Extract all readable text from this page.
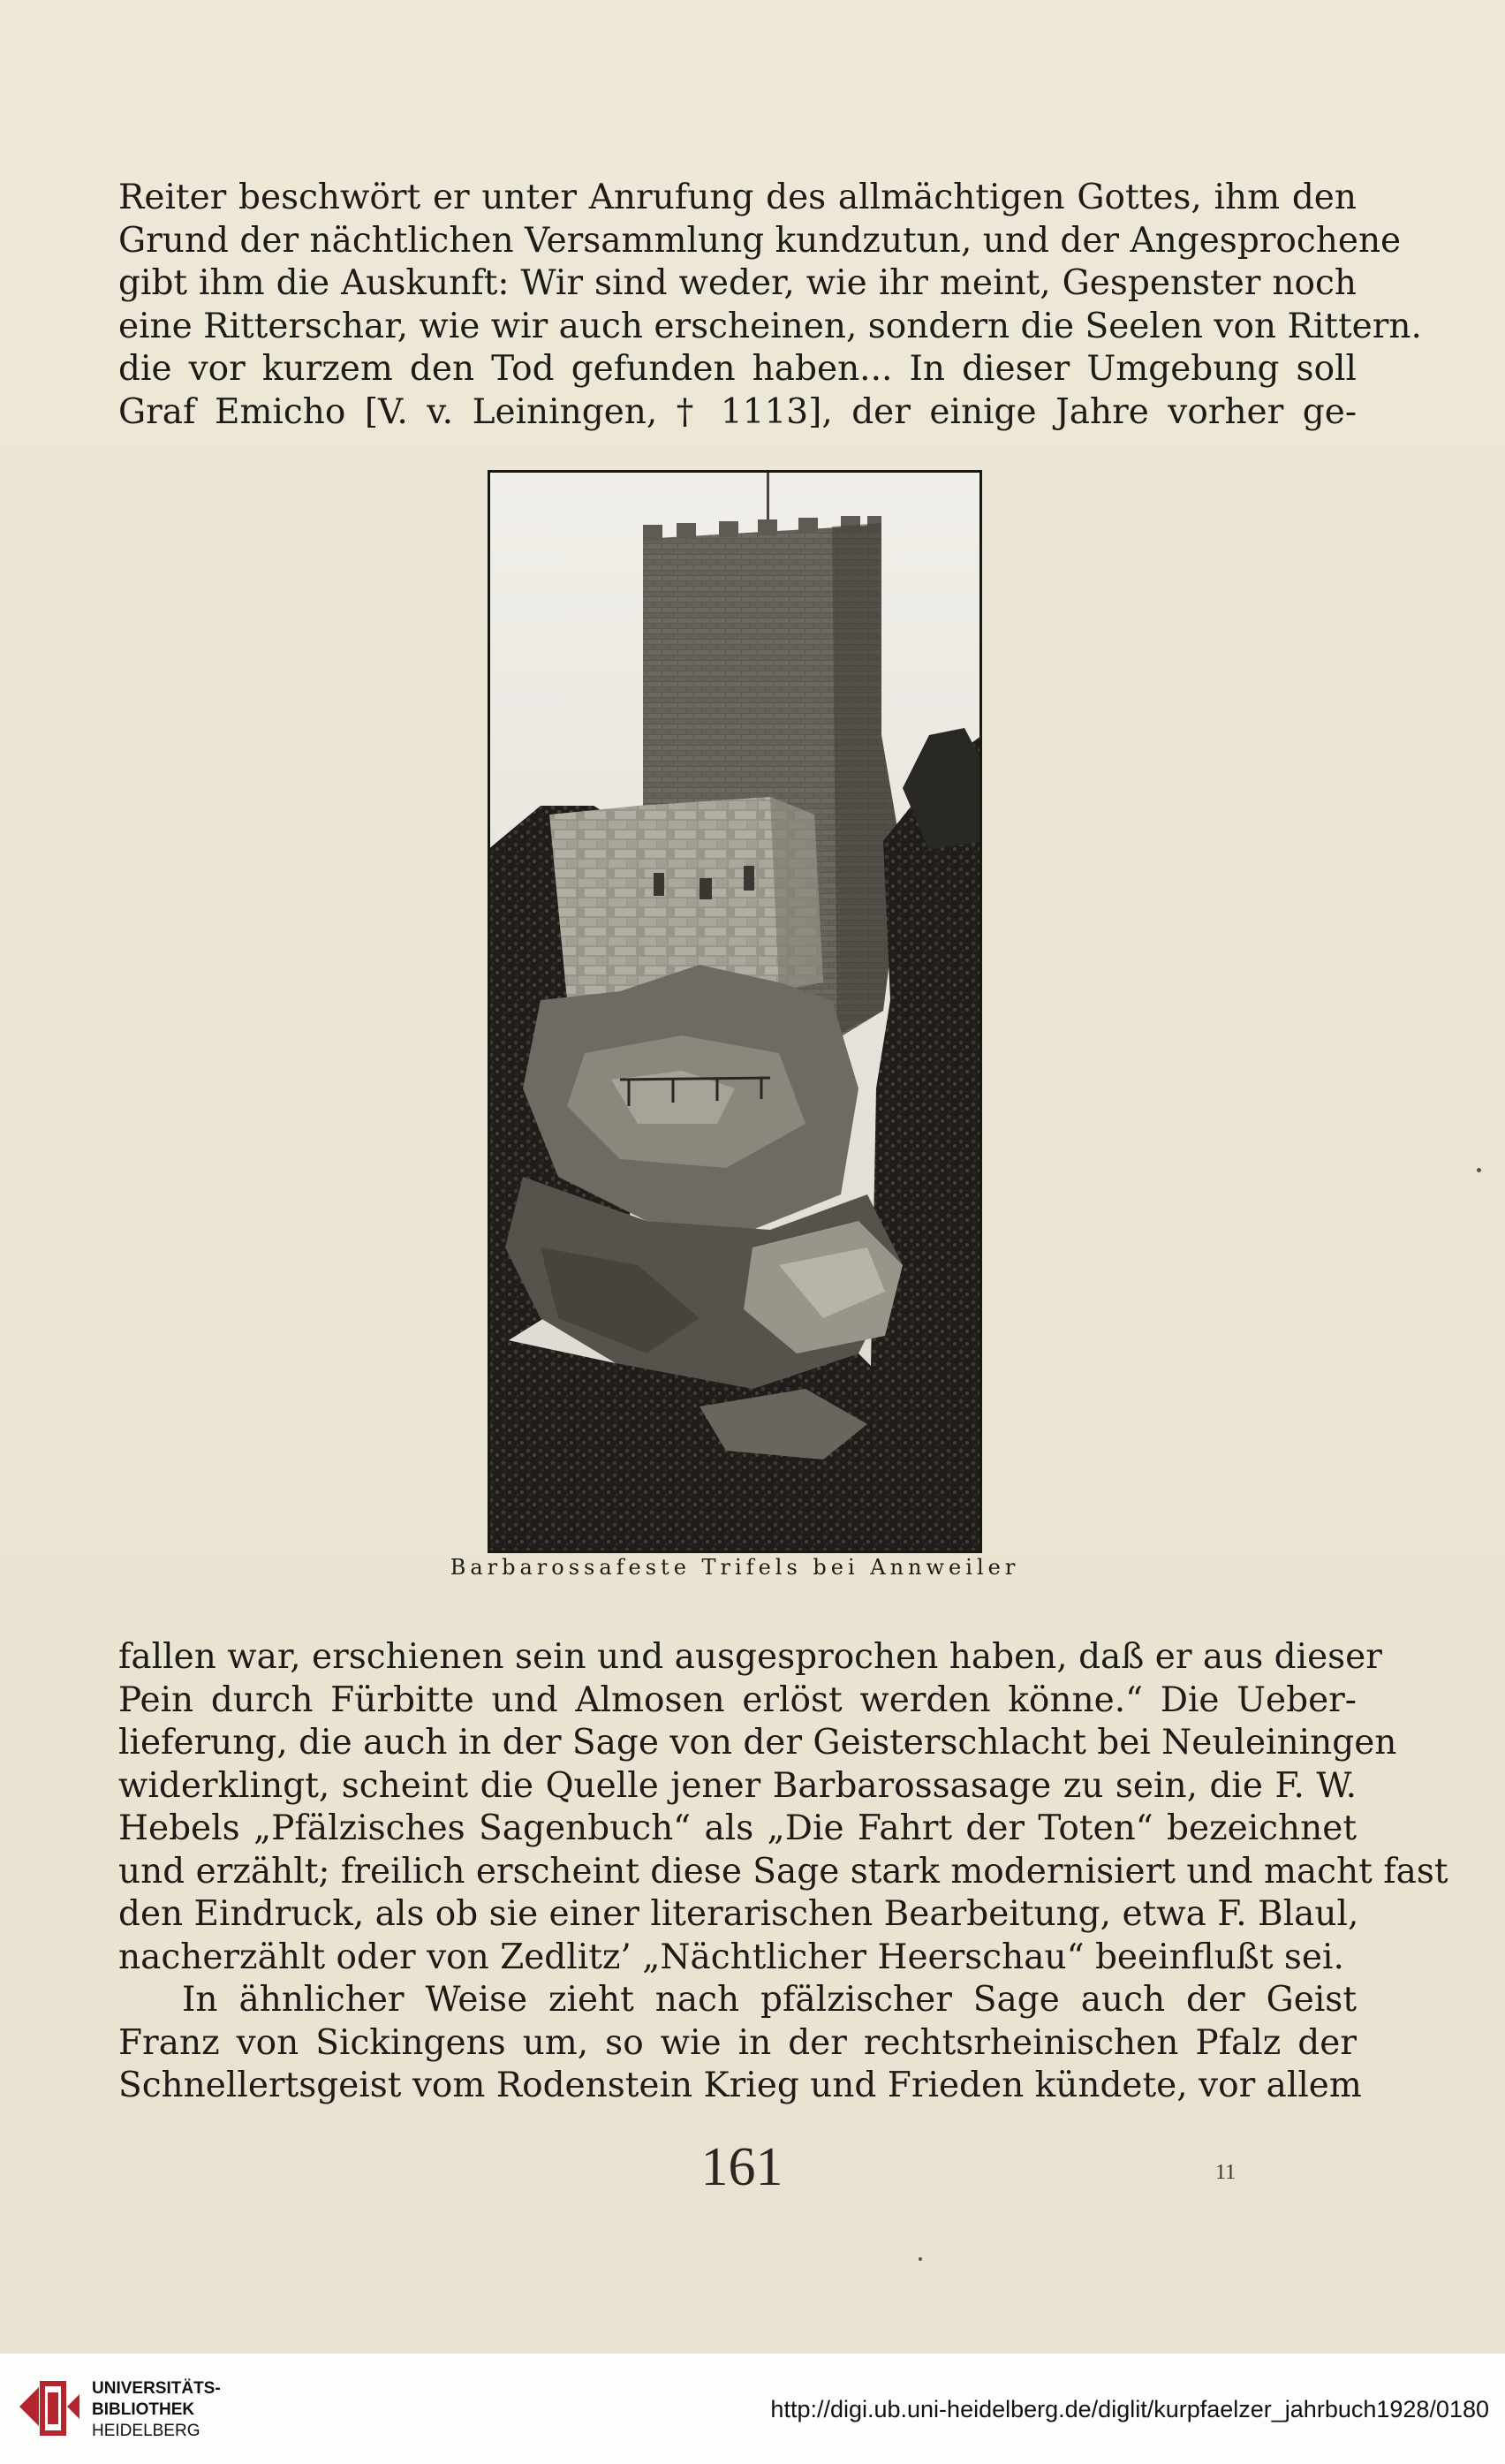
Reiter beschwört er unter Anrufung des allmächtigen Gottes, ihm den
Grund der nächtlichen Versammlung kundzutun, und der Angesprochene
gibt ihm die Auskunft: Wir sind weder, wie ihr meint, Gespenster noch
eine Ritterschar, wie wir auch erscheinen, sondern die Seelen von Rittern.
die vor kurzem den Tod gefunden haben... In dieser Umgebung soll
Graf Emicho [V. v. Leiningen, † 1113], der einige Jahre vorher ge-
Barbarossafeste Trifels bei Annweiler
fallen war, erschienen sein und ausgesprochen haben, daß er aus dieser
Pein durch Fürbitte und Almosen erlöst werden könne.“ Die Ueber-
lieferung, die auch in der Sage von der Geisterschlacht bei Neuleiningen
widerklingt, scheint die Quelle jener Barbarossasage zu sein, die F. W.
Hebels „Pfälzisches Sagenbuch“ als „Die Fahrt der Toten“ bezeichnet
und erzählt; freilich erscheint diese Sage stark modernisiert und macht fast
den Eindruck, als ob sie einer literarischen Bearbeitung, etwa F. Blaul,
nacherzählt oder von Zedlitz’ „Nächtlicher Heerschau“ beeinflußt sei.
In ähnlicher Weise zieht nach pfälzischer Sage auch der Geist
Franz von Sickingens um, so wie in der rechtsrheinischen Pfalz der
Schnellertsgeist vom Rodenstein Krieg und Frieden kündete, vor allem
161	11
UNIVERSITÄTS-
BIBLIOTHEK
HEIDELBERG
http://digi.ub.uni-heidelberg.de/diglit/kurpfaelzer_jahrbuch1928/0180
